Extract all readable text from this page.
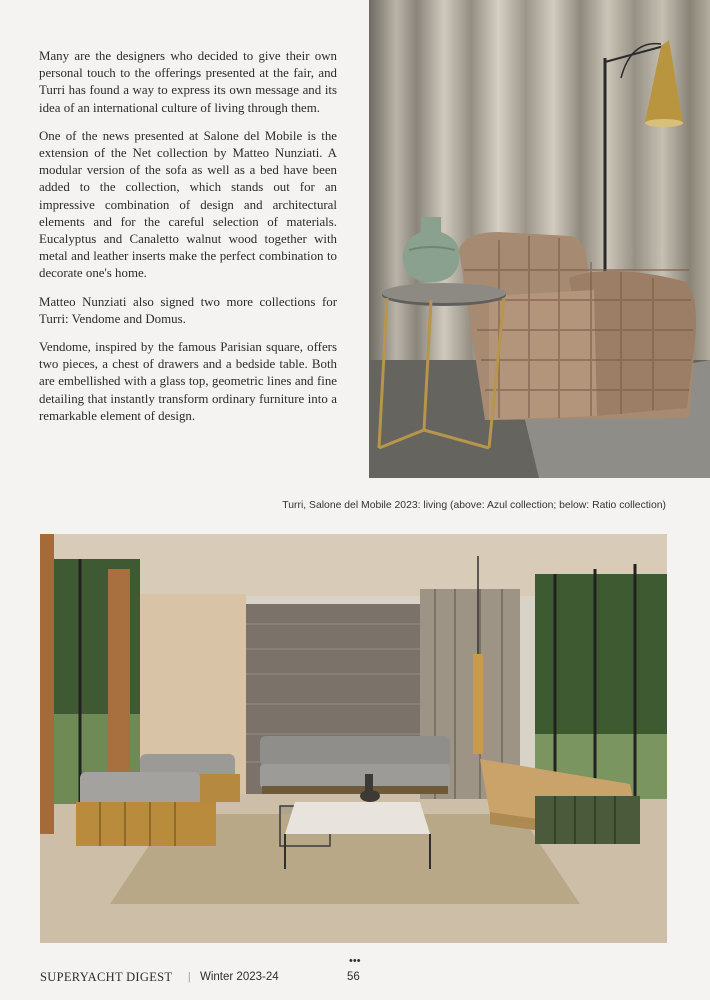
Many are the designers who decided to give their own personal touch to the offerings presented at the fair, and Turri has found a way to express its own message and its idea of an international culture of living through them.

One of the news presented at Salone del Mobile is the extension of the Net collection by Matteo Nunziati. A modular version of the sofa as well as a bed have been added to the collection, which stands out for an impressive combination of design and architectural elements and for the careful selection of materials. Eucalyptus and Canaletto walnut wood together with metal and leather inserts make the perfect combination to decorate one's home.

Matteo Nunziati also signed two more collections for Turri: Vendome and Domus.

Vendome, inspired by the famous Parisian square, offers two pieces, a chest of drawers and a bedside table. Both are embellished with a glass top, geometric lines and fine detailing that instantly transform ordinary furniture into a remarkable element of design.

Turri, Salone del Mobile 2023: living (above: Azul collection; below: Ratio collection)
SUPERYACHT DIGEST | Winter 2023-24
•••
56
